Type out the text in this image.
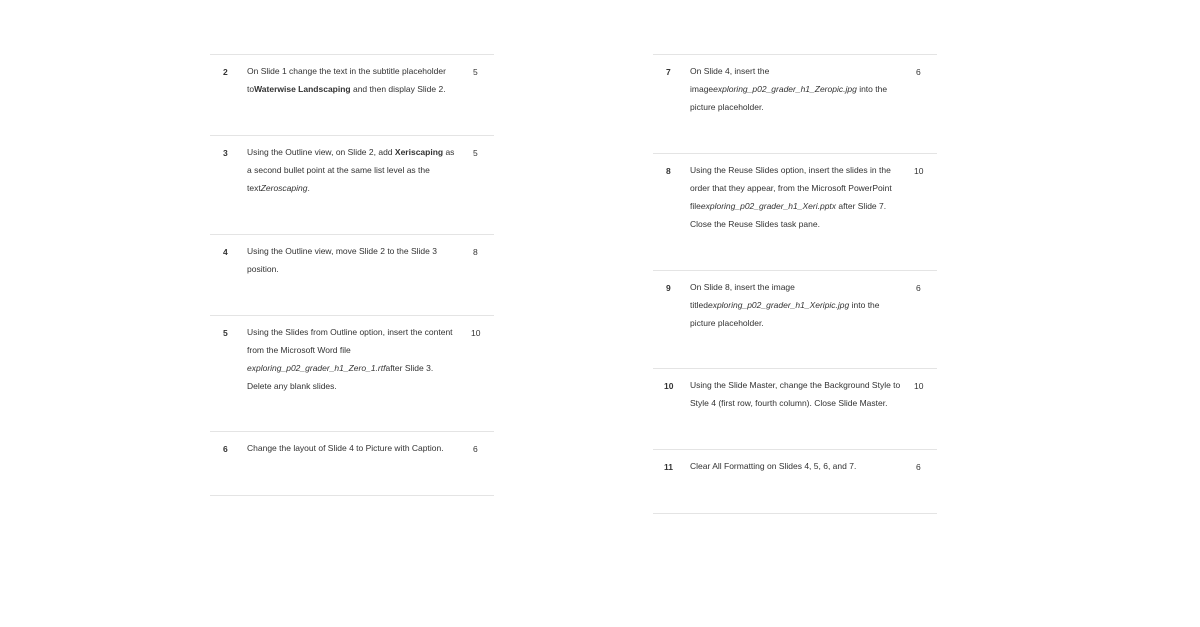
2 On Slide 1 change the text in the subtitle placeholder
toWaterwise Landscaping and then display Slide 2.
5
3 Using the Outline view, on Slide 2, add Xeriscaping as
a second bullet point at the same list level as the
textZeroscaping.
5
4 Using the Outline view, move Slide 2 to the Slide 3
position.
8
5 Using the Slides from Outline option, insert the content
from the Microsoft Word file
exploring_p02_grader_h1_Zero_1.rtfafter Slide 3.
Delete any blank slides.
10
6 Change the layout of Slide 4 to Picture with Caption.	6
7 On Slide 4, insert the
imageexploring_p02_grader_h1_Zeropic.jpg into the
picture placeholder.
6
8 Using the Reuse Slides option, insert the slides in the
order that they appear, from the Microsoft PowerPoint
fileexploring_p02_grader_h1_Xeri.pptx after Slide 7.
Close the Reuse Slides task pane.
10
9 On Slide 8, insert the image
titledexploring_p02_grader_h1_Xeripic.jpg into the
picture placeholder.
6
10 Using the Slide Master, change the Background Style to
Style 4 (first row, fourth column). Close Slide Master.
10
11 Clear All Formatting on Slides 4, 5, 6, and 7.	6
